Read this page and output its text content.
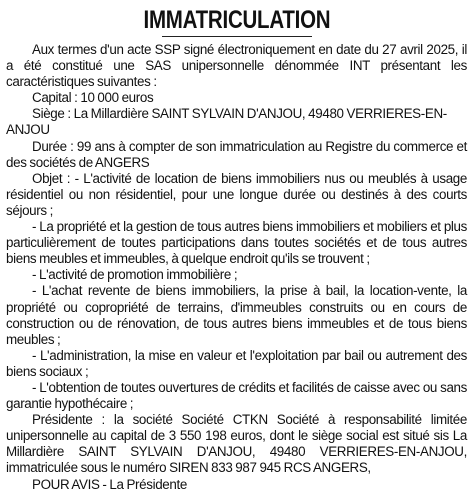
IMMATRICULATION

Aux termes d'un acte SSP signé électroniquement en date du 27 avril 2025, il a été constitué une SAS unipersonnelle dénommée INT présentant les caractéristiques suivantes :

Capital : 10 000 euros

Siège : La Millardière SAINT SYLVAIN D'ANJOU, 49480 VERRIERES-EN-ANJOU

Durée : 99 ans à compter de son immatriculation au Registre du commerce et des sociétés de ANGERS

Objet : - L'activité de location de biens immobiliers nus ou meublés à usage résidentiel ou non résidentiel, pour une longue durée ou destinés à des courts séjours ;

- La propriété et la gestion de tous autres biens immobiliers et mobiliers et plus particulièrement de toutes participations dans toutes sociétés et de tous autres biens meubles et immeubles, à quelque endroit qu'ils se trouvent ;

- L'activité de promotion immobilière ;

- L'achat revente de biens immobiliers, la prise à bail, la location-vente, la propriété ou copropriété de terrains, d'immeubles construits ou en cours de construction ou de rénovation, de tous autres biens immeubles et de tous biens meubles ;

- L'administration, la mise en valeur et l'exploitation par bail ou autrement des biens sociaux ;

- L'obtention de toutes ouvertures de crédits et facilités de caisse avec ou sans garantie hypothécaire ;

Présidente : la société Société CTKN Société à responsabilité limitée unipersonnelle au capital de 3 550 198 euros, dont le siège social est situé sis La Millardière SAINT SYLVAIN D'ANJOU, 49480 VERRIERES-EN-ANJOU, immatriculée sous le numéro SIREN 833 987 945 RCS ANGERS,

POUR AVIS - La Présidente
